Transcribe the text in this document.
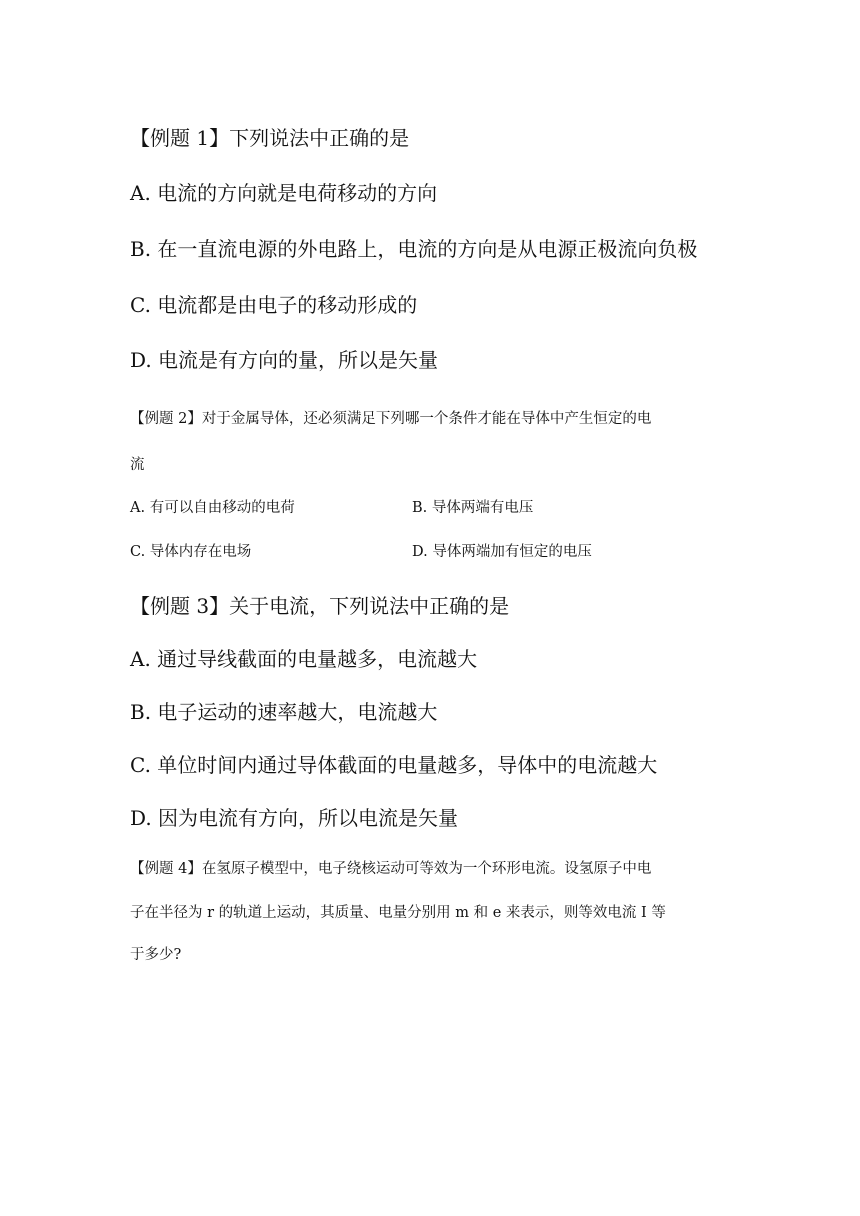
【例题 1】下列说法中正确的是
A. 电流的方向就是电荷移动的方向
B. 在一直流电源的外电路上，电流的方向是从电源正极流向负极
C. 电流都是由电子的移动形成的
D. 电流是有方向的量，所以是矢量
【例题 2】对于金属导体，还必须满足下列哪一个条件才能在导体中产生恒定的电
流
A. 有可以自由移动的电荷	B. 导体两端有电压
C. 导体内存在电场	D. 导体两端加有恒定的电压
【例题 3】关于电流，下列说法中正确的是
A. 通过导线截面的电量越多，电流越大
B. 电子运动的速率越大，电流越大
C. 单位时间内通过导体截面的电量越多，导体中的电流越大
D. 因为电流有方向，所以电流是矢量
【例题 4】在氢原子模型中，电子绕核运动可等效为一个环形电流。设氢原子中电
子在半径为 r 的轨道上运动，其质量、电量分别用 m 和 e 来表示，则等效电流 I 等
于多少?
